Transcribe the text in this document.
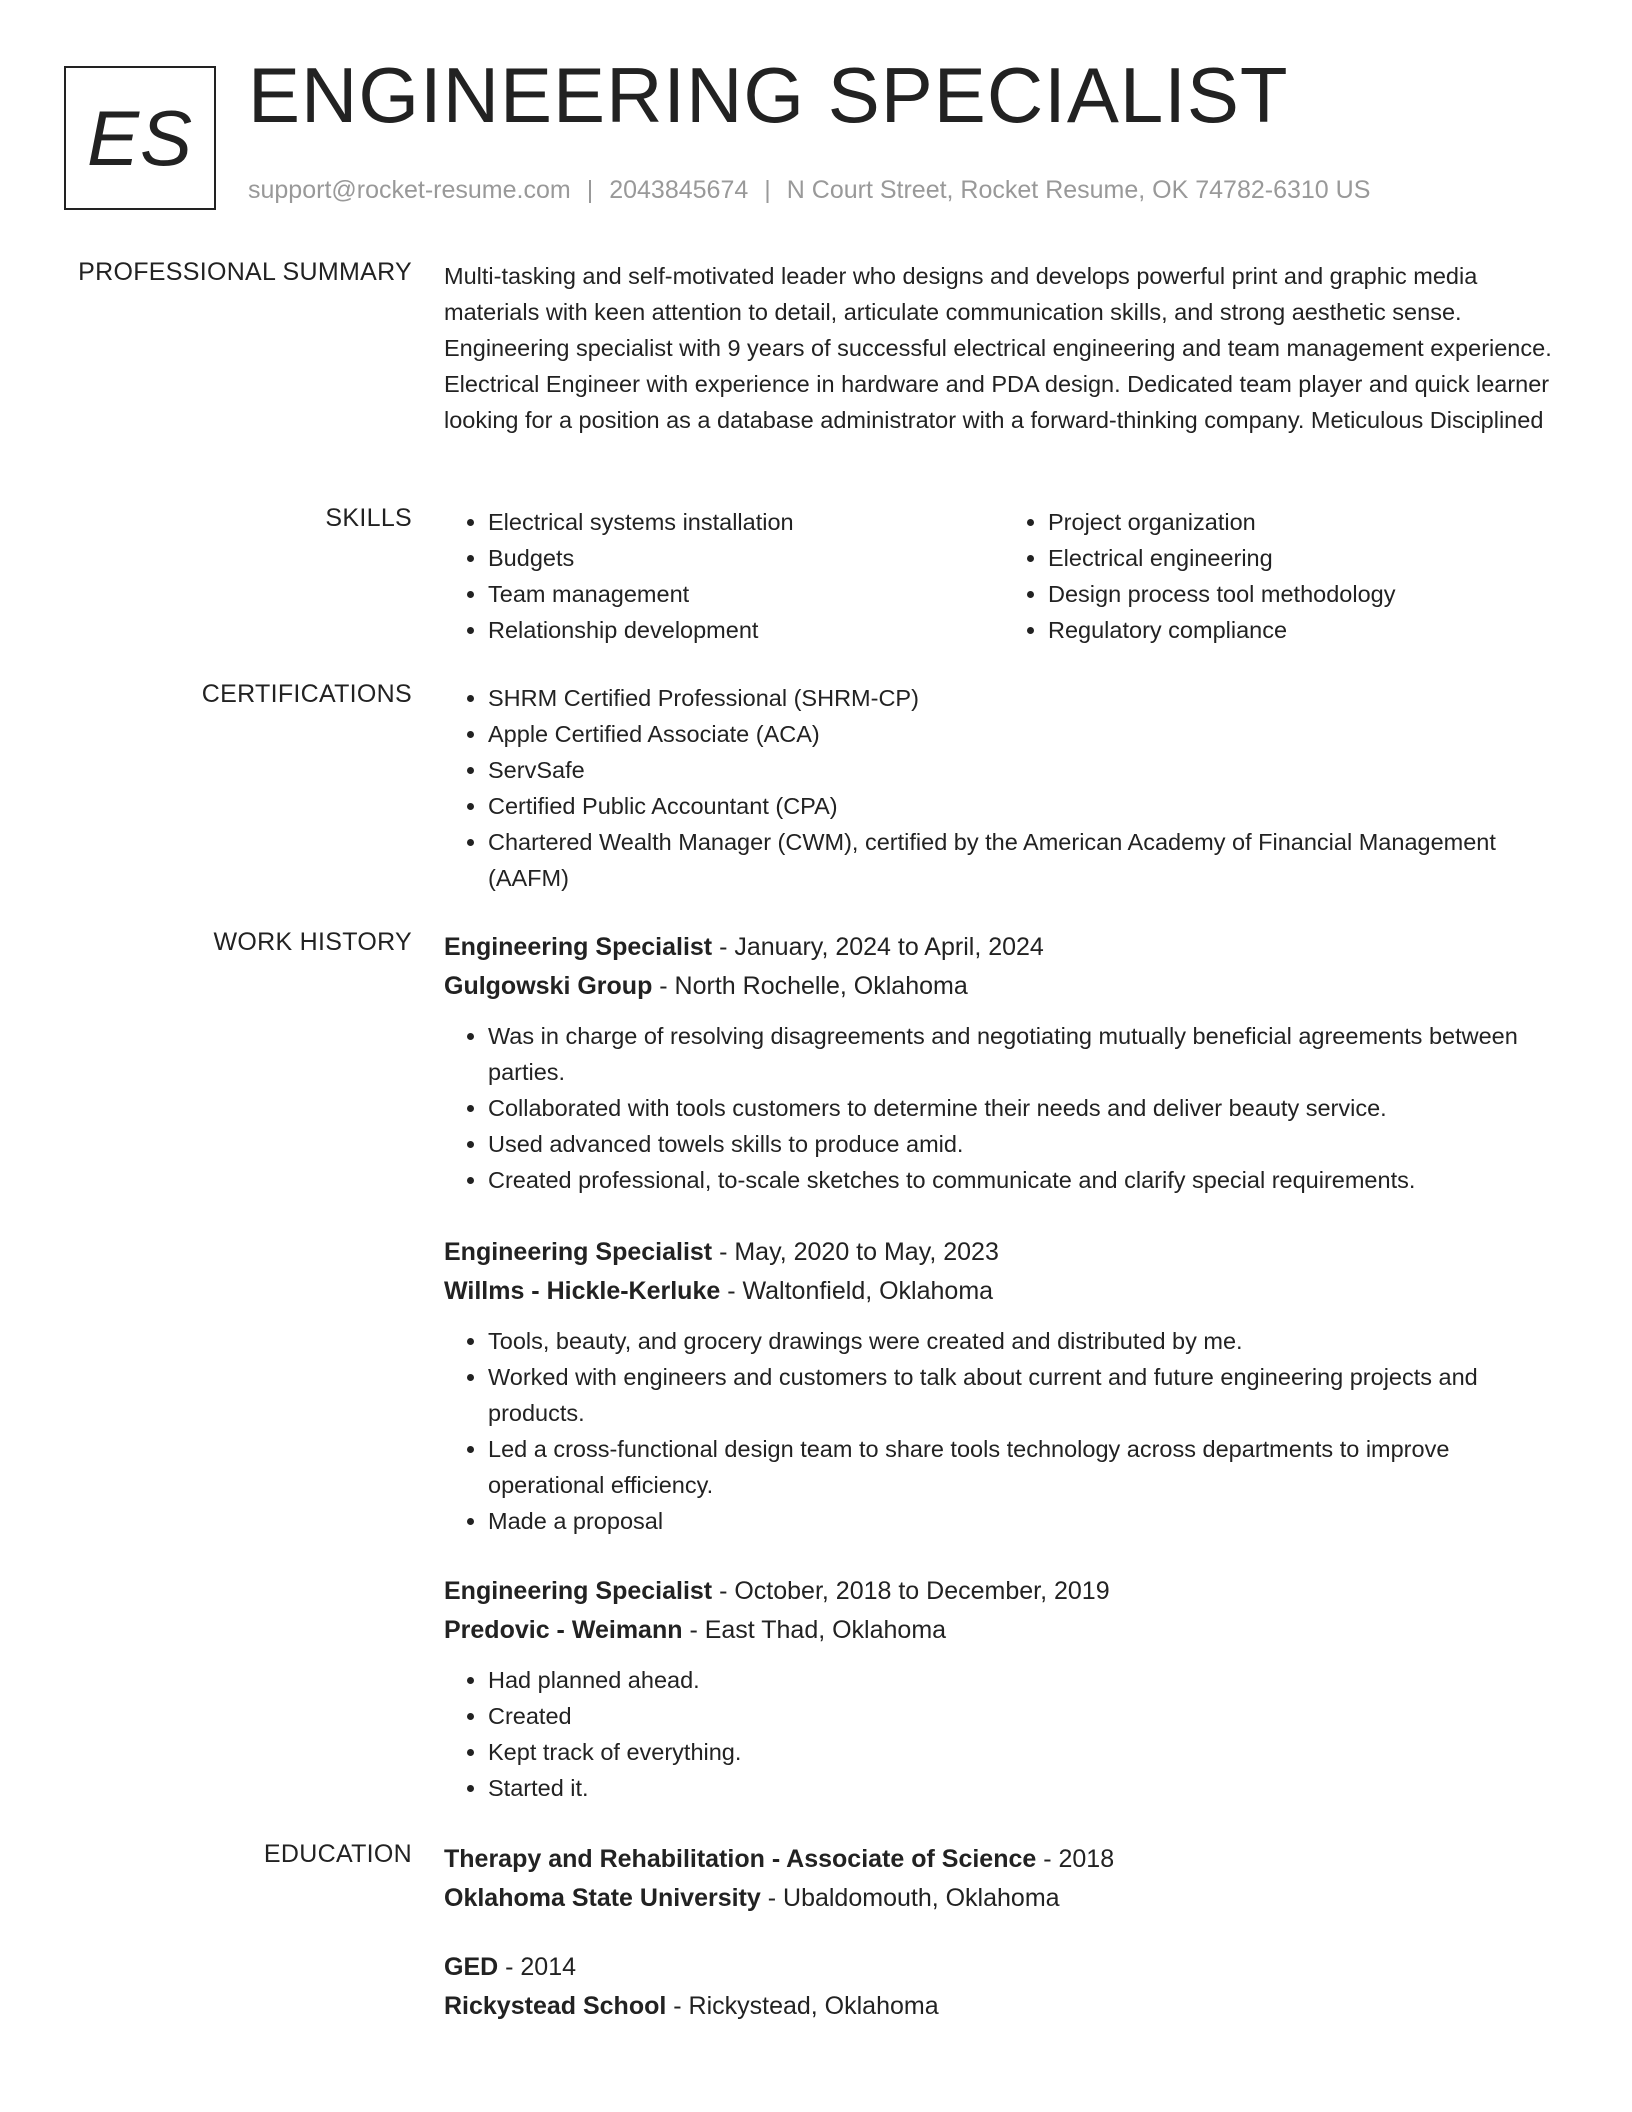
ES ENGINEERING SPECIALIST
support@rocket-resume.com | 2043845674 | N Court Street, Rocket Resume, OK 74782-6310 US
PROFESSIONAL SUMMARY Multi-tasking and self-motivated leader who designs and develops powerful print and graphic media materials with keen attention to detail, articulate communication skills, and strong aesthetic sense. Engineering specialist with 9 years of successful electrical engineering and team management experience. Electrical Engineer with experience in hardware and PDA design. Dedicated team player and quick learner looking for a position as a database administrator with a forward-thinking company. Meticulous Disciplined
SKILLS	• Electrical systems installation
• Budgets
• Team management
• Relationship development
• Project organization
• Electrical engineering
• Design process tool methodology
• Regulatory compliance
CERTIFICATIONS	• SHRM Certified Professional (SHRM-CP)
• Apple Certified Associate (ACA)
• ServSafe
• Certified Public Accountant (CPA)
• Chartered Wealth Manager (CWM), certified by the American Academy of Financial Management (AAFM)
WORK HISTORY Engineering Specialist - January, 2024 to April, 2024
Gulgowski Group - North Rochelle, Oklahoma
• Was in charge of resolving disagreements and negotiating mutually beneficial agreements between parties.
• Collaborated with tools customers to determine their needs and deliver beauty service.
• Used advanced towels skills to produce amid.
• Created professional, to-scale sketches to communicate and clarify special requirements.
Engineering Specialist - May, 2020 to May, 2023
Willms - Hickle-Kerluke - Waltonfield, Oklahoma
• Tools, beauty, and grocery drawings were created and distributed by me.
• Worked with engineers and customers to talk about current and future engineering projects and products.
• Led a cross-functional design team to share tools technology across departments to improve operational efficiency.
• Made a proposal
Engineering Specialist - October, 2018 to December, 2019
Predovic - Weimann - East Thad, Oklahoma
• Had planned ahead.
• Created
• Kept track of everything.
• Started it.
EDUCATION Therapy and Rehabilitation - Associate of Science - 2018
Oklahoma State University - Ubaldomouth, Oklahoma
GED - 2014
Rickystead School - Rickystead, Oklahoma
